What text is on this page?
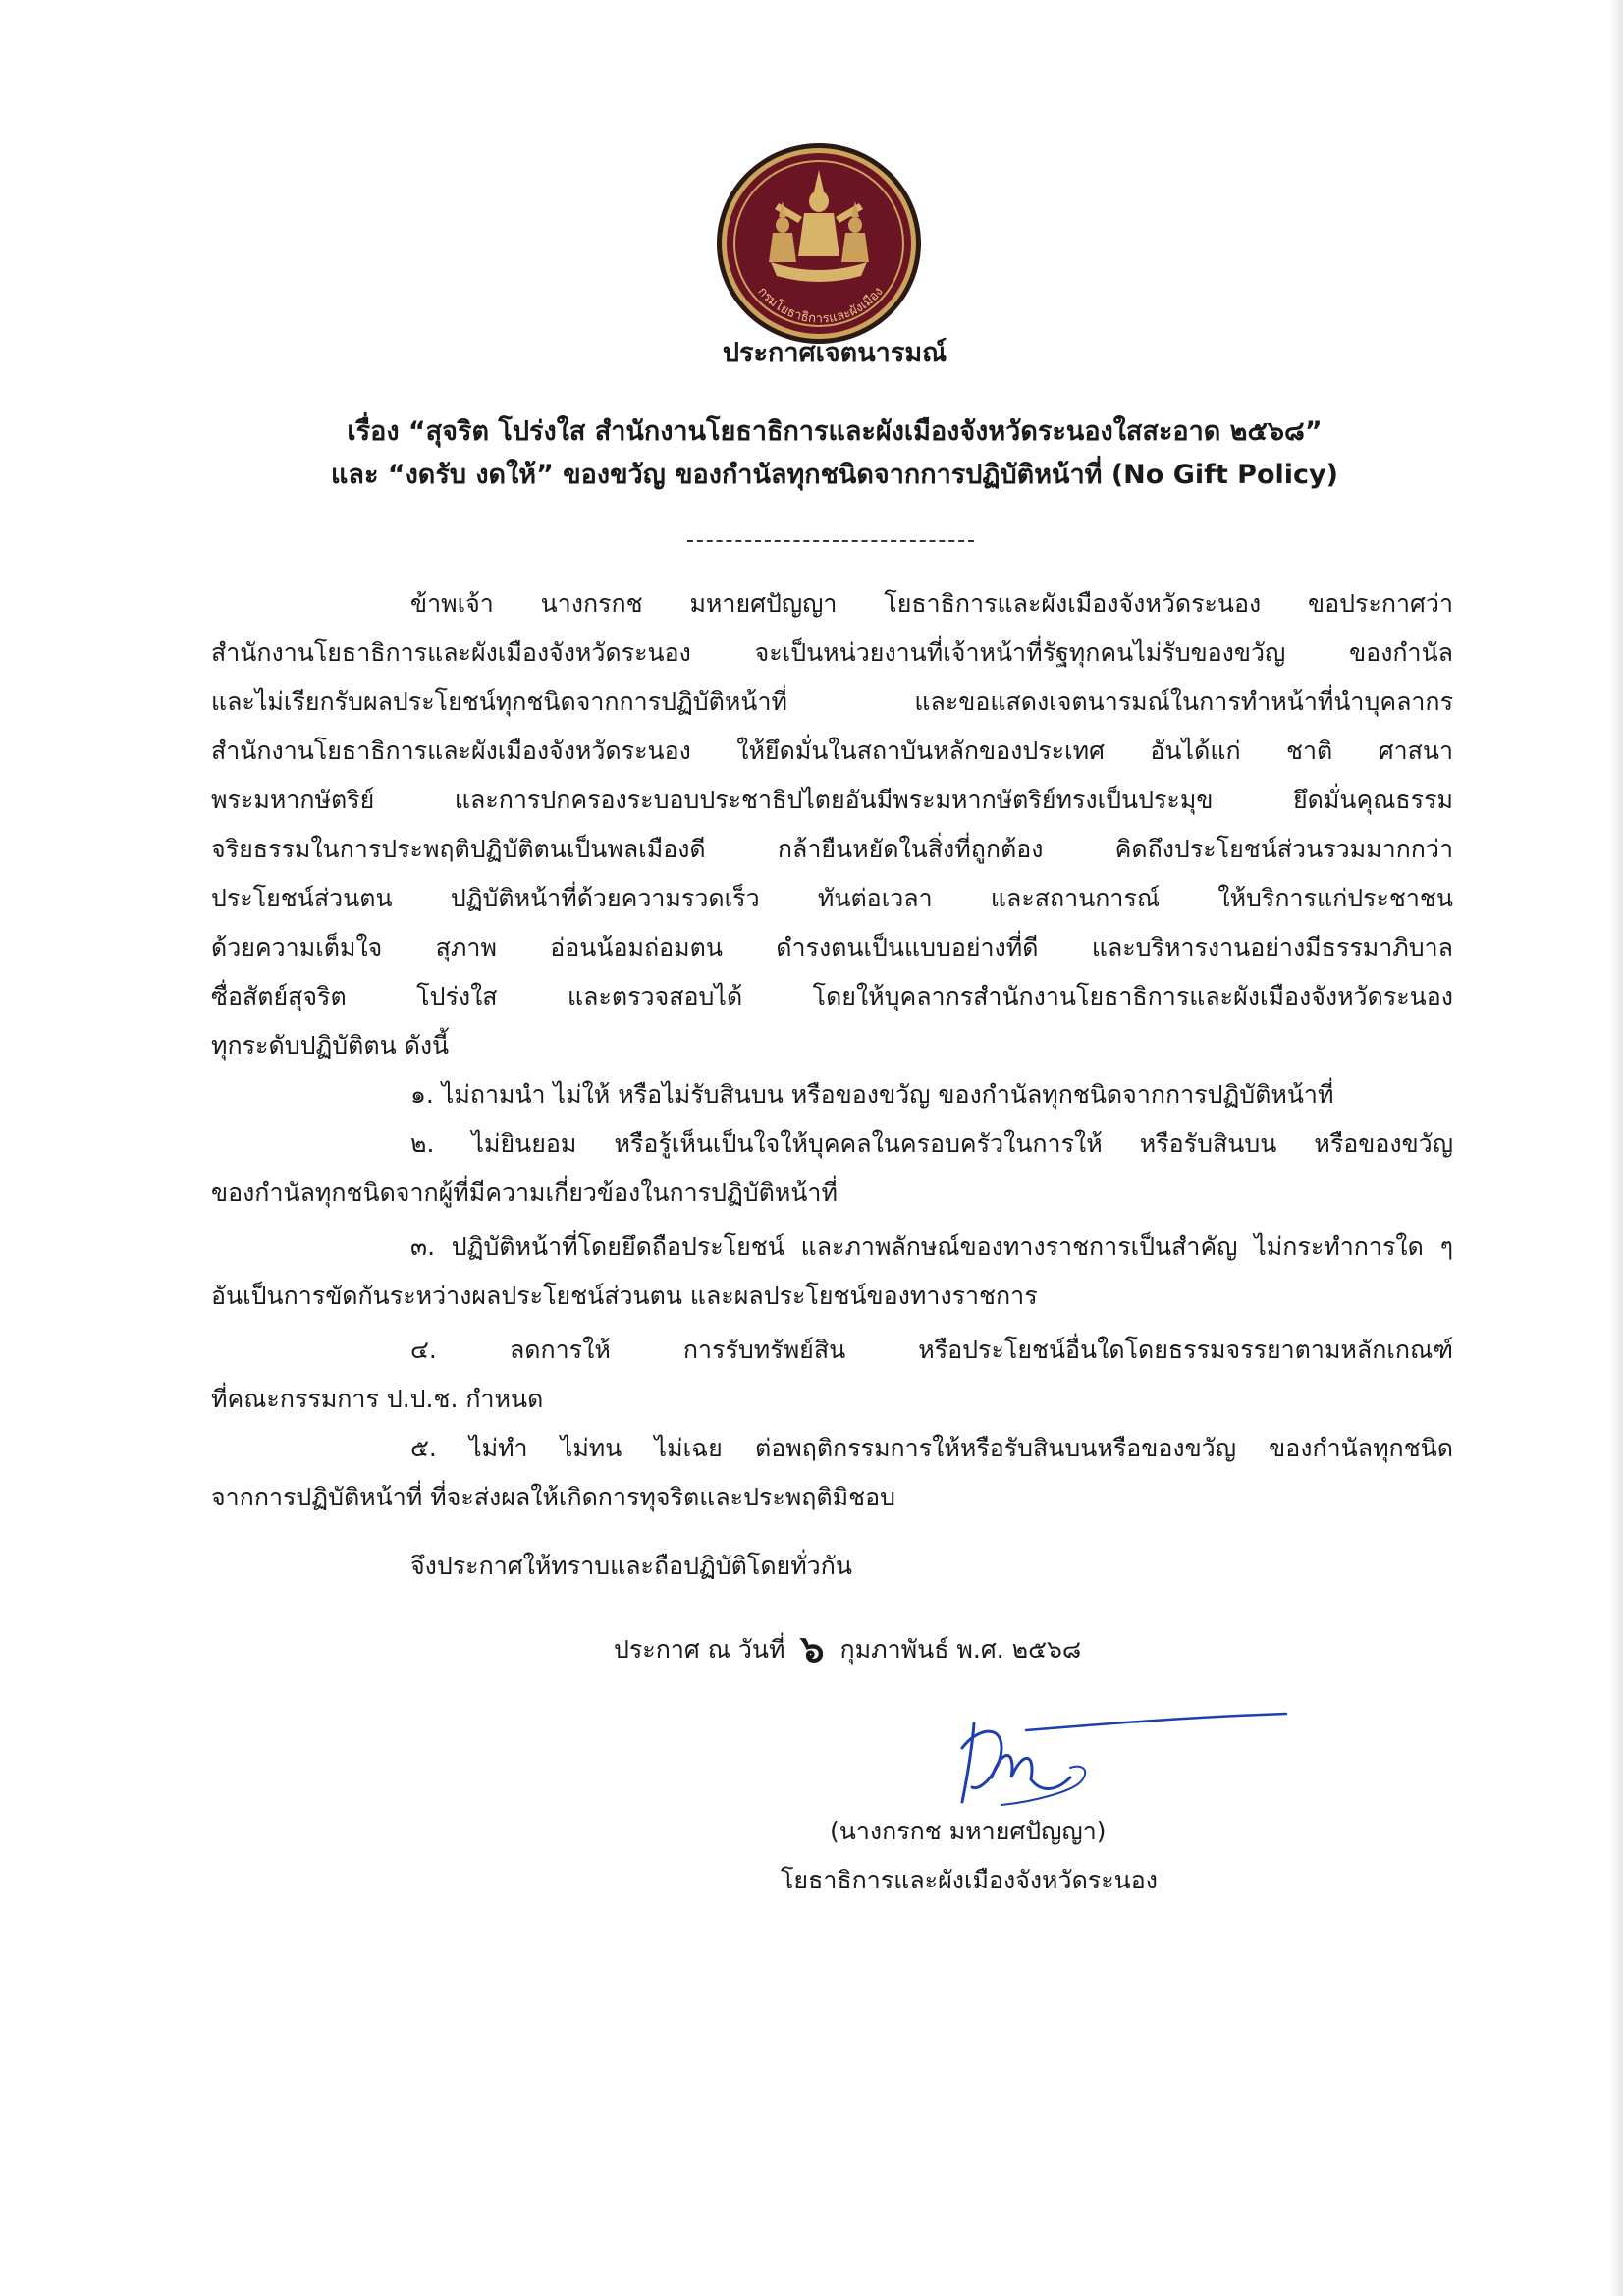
กรมโยธาธิการและผังเมือง
ประกาศเจตนารมณ์
เรื่อง “สุจริต โปร่งใส สำนักงานโยธาธิการและผังเมืองจังหวัดระนองใสสะอาด ๒๕๖๘”
และ “งดรับ งดให้” ของขวัญ ของกำนัลทุกชนิดจากการปฏิบัติหน้าที่ (No Gift Policy)
ข้าพเจ้า นางกรกช มหายศปัญญา โยธาธิการและผังเมืองจังหวัดระนอง ขอประกาศว่า
สำนักงานโยธาธิการและผังเมืองจังหวัดระนอง จะเป็นหน่วยงานที่เจ้าหน้าที่รัฐทุกคนไม่รับของขวัญ ของกำนัล
และไม่เรียกรับผลประโยชน์ทุกชนิดจากการปฏิบัติหน้าที่ และขอแสดงเจตนารมณ์ในการทำหน้าที่นำบุคลากร
สำนักงานโยธาธิการและผังเมืองจังหวัดระนอง ให้ยึดมั่นในสถาบันหลักของประเทศ อันได้แก่ ชาติ ศาสนา
พระมหากษัตริย์ และการปกครองระบอบประชาธิปไตยอันมีพระมหากษัตริย์ทรงเป็นประมุข ยึดมั่นคุณธรรม
จริยธรรมในการประพฤติปฏิบัติตนเป็นพลเมืองดี กล้ายืนหยัดในสิ่งที่ถูกต้อง คิดถึงประโยชน์ส่วนรวมมากกว่า
ประโยชน์ส่วนตน ปฏิบัติหน้าที่ด้วยความรวดเร็ว ทันต่อเวลา และสถานการณ์ ให้บริการแก่ประชาชน
ด้วยความเต็มใจ สุภาพ อ่อนน้อมถ่อมตน ดำรงตนเป็นแบบอย่างที่ดี และบริหารงานอย่างมีธรรมาภิบาล
ซื่อสัตย์สุจริต โปร่งใส และตรวจสอบได้ โดยให้บุคลากรสำนักงานโยธาธิการและผังเมืองจังหวัดระนอง
ทุกระดับปฏิบัติตน ดังนี้
๑. ไม่ถามนำ ไม่ให้ หรือไม่รับสินบน หรือของขวัญ ของกำนัลทุกชนิดจากการปฏิบัติหน้าที่
๒. ไม่ยินยอม หรือรู้เห็นเป็นใจให้บุคคลในครอบครัวในการให้ หรือรับสินบน หรือของขวัญ
ของกำนัลทุกชนิดจากผู้ที่มีความเกี่ยวข้องในการปฏิบัติหน้าที่
๓. ปฏิบัติหน้าที่โดยยึดถือประโยชน์ และภาพลักษณ์ของทางราชการเป็นสำคัญ ไม่กระทำการใด ๆ
อันเป็นการขัดกันระหว่างผลประโยชน์ส่วนตน และผลประโยชน์ของทางราชการ
๔. ลดการให้ การรับทรัพย์สิน หรือประโยชน์อื่นใดโดยธรรมจรรยาตามหลักเกณฑ์
ที่คณะกรรมการ ป.ป.ช. กำหนด
๕. ไม่ทำ ไม่ทน ไม่เฉย ต่อพฤติกรรมการให้หรือรับสินบนหรือของขวัญ ของกำนัลทุกชนิด
จากการปฏิบัติหน้าที่ ที่จะส่งผลให้เกิดการทุจริตและประพฤติมิชอบ
จึงประกาศให้ทราบและถือปฏิบัติโดยทั่วกัน
ประกาศ ณ วันที่ ๖ กุมภาพันธ์ พ.ศ. ๒๕๖๘
(นางกรกช มหายศปัญญา)
โยธาธิการและผังเมืองจังหวัดระนอง
